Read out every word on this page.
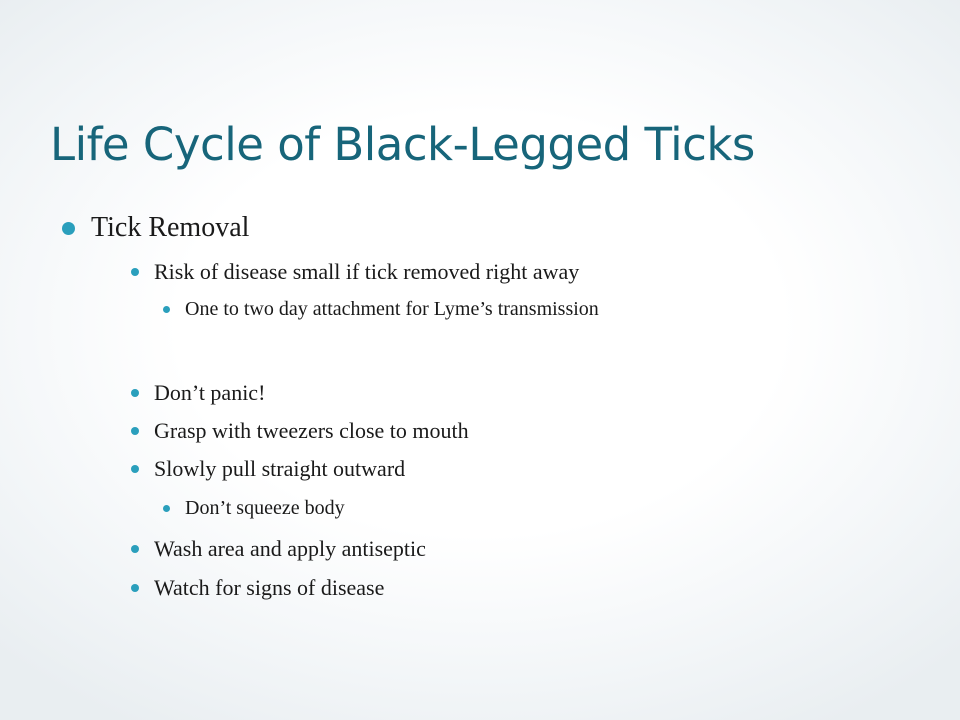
Life Cycle of Black-Legged Ticks
Tick Removal
Risk of disease small if tick removed right away
One to two day attachment for Lyme’s transmission
Don’t panic!
Grasp with tweezers close to mouth
Slowly pull straight outward
Don’t squeeze body
Wash area and apply antiseptic
Watch for signs of disease
